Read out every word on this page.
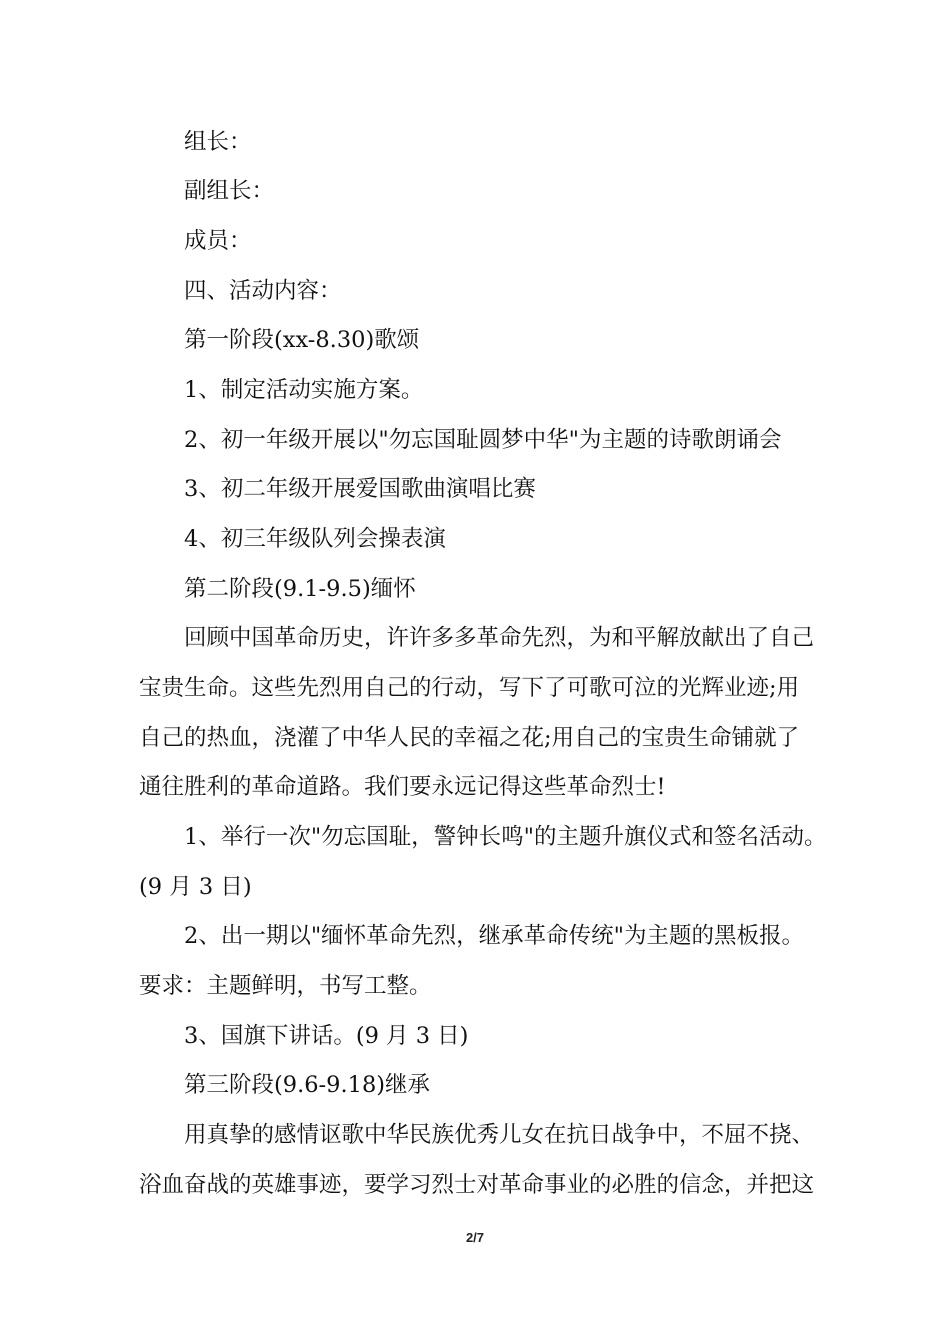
组长：
副组长：
成员：
四、活动内容：
第一阶段(xx-8.30)歌颂
1、制定活动实施方案。
2、初一年级开展以"勿忘国耻圆梦中华"为主题的诗歌朗诵会
3、初二年级开展爱国歌曲演唱比赛
4、初三年级队列会操表演
第二阶段(9.1-9.5)缅怀
回顾中国革命历史，许许多多革命先烈，为和平解放献出了自己
宝贵生命。这些先烈用自己的行动，写下了可歌可泣的光辉业迹;用
自己的热血，浇灌了中华人民的幸福之花;用自己的宝贵生命铺就了
通往胜利的革命道路。我们要永远记得这些革命烈士!
1、举行一次"勿忘国耻，警钟长鸣"的主题升旗仪式和签名活动。
(9 月 3 日)
2、出一期以"缅怀革命先烈，继承革命传统"为主题的黑板报。
要求：主题鲜明，书写工整。
3、国旗下讲话。(9 月 3 日)
第三阶段(9.6-9.18)继承
用真挚的感情讴歌中华民族优秀儿女在抗日战争中，不屈不挠、
浴血奋战的英雄事迹，要学习烈士对革命事业的必胜的信念，并把这
2/7
